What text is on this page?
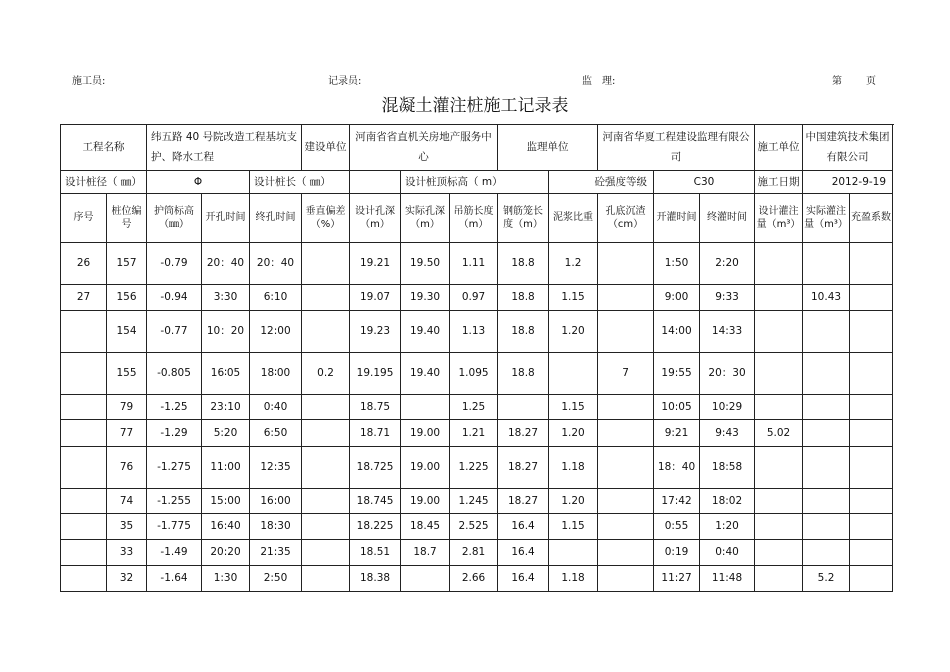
施工员:	记录员:	监　理:	第 页
混凝土灌注桩施工记录表
工程名称		纬五路 40 号院改造工程基坑支护、降水工程			建设单位	河南省省直机关房地产服务中心			监理单位		河南省华夏工程建设监理有限公司			施工单位	中国建筑技术集团有限公司	
设计桩径（ ㎜）		Φ		设计桩长（ ㎜）			设计桩顶标高（ m）			砼强度等级		C30		施工日期	2012-9-19	
序号	桩位编号	护筒标高（㎜）	开孔时间	终孔时间	垂直偏差（%）	设计孔深（m）	实际孔深（m）	吊筋长度（m）	钢筋笼长度（m）	泥浆比重	孔底沉渣（cm）	开灌时间	终灌时间	设计灌注量（m³）	实际灌注量（m³）	充盈系数
26	157	-0.79	20：40	20：40		19.21	19.50	1.11	18.8	1.2		1:50	2:20			
27	156	-0.94	3:30	6:10		19.07	19.30	0.97	18.8	1.15		9:00	9:33		10.43	
	154	-0.77	10：20	12:00		19.23	19.40	1.13	18.8	1.20		14:00	14:33			
	155	-0.805	16∶05	18∶00	0.2	19.195	19.40	1.095	18.8		7	19:55	20：30			
	79	-1.25	23:10	0:40		18.75		1.25		1.15		10:05	10:29			
	77	-1.29	5:20	6:50		18.71	19.00	1.21	18.27	1.20		9:21	9:43	5.02		
	76	-1.275	11:00	12:35		18.725	19.00	1.225	18.27	1.18		18：40	18:58			
	74	-1.255	15:00	16:00		18.745	19.00	1.245	18.27	1.20		17:42	18:02			
	35	-1.775	16:40	18:30		18.225	18.45	2.525	16.4	1.15		0:55	1:20			
	33	-1.49	20:20	21:35		18.51	18.7	2.81	16.4			0:19	0:40			
	32	-1.64	1:30	2:50		18.38		2.66	16.4	1.18		11:27	11:48		5.2	
